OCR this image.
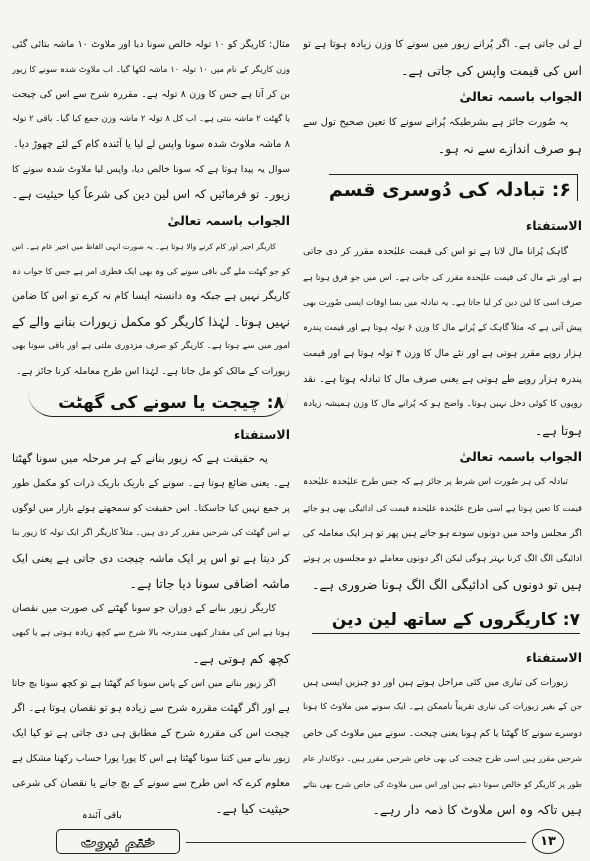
لے لی جاتی ہے۔ اگر پُرانے زیور میں سونے کا وزن زیادہ ہوتا ہے تو
اس کی قیمت واپس کی جاتی ہے۔
الجواب باسمہ تعالیٰ
یہ صُورت جائز ہے بشرطیکہ پُرانے سونے کا تعین صحیح تول سے
ہو صرف اندازے سے نہ ہو۔
۶: تبادلہ کی دُوسری قسم
الاستفتاء
گاہک پُرانا مال لاتا ہے تو اس کی قیمت علیٰحدہ مقرر کر دی جاتی
ہے اور نئے مال کی قیمت علیٰحدہ مقرر کی جاتی ہے۔ اس میں جو فرق ہوتا ہے
صرف اسی کا لین دین کر لیا جاتا ہے۔ یہ تبادلہ میں بسا اوقات ایسی صُورت بھی
پیش آتی ہے کہ مثلاً گاہک کے پُرانے مال کا وزن ۶ تولہ ہوتا ہے اور قیمت پندرہ
ہزار روپے مقرر ہوتی ہے اور نئے مال کا وزن ۴ تولہ ہوتا ہے اور قیمت
پندرہ ہزار روپے طے ہوتی ہے یعنی صرف مال کا تبادلہ ہوتا ہے۔ نقد
روپوں کا کوئی دخل نہیں ہوتا۔ واضح ہو کہ پُرانے مال کا وزن ہمیشہ زیادہ
ہوتا ہے۔
الجواب باسمہ تعالیٰ
تبادلہ کی ہر صُورت اس شرط پر جائز ہے کہ جس طرح علیٰحدہ علیٰحدہ
قیمت کا تعین ہوتا ہے اسی طرح علیٰحدہ علیٰحدہ قیمت کی ادائیگی بھی ہو جائے
اگر مجلس واحد میں دونوں سودے ہو جاتے ہیں پھر تو ہر ایک معاملہ کی
ادائیگی الگ الگ کرنا بہتر ہوگی لیکن اگر دونوں معاملے دو مجلسوں پر ہوتے
ہیں تو دونوں کی ادائیگی الگ الگ ہونا ضروری ہے۔
۷: کاریگروں کے ساتھ لین دین
الاستفتاء
زیورات کی تیاری میں کئی مراحل ہوتے ہیں اور دو چیزیں ایسی ہیں
جن کے بغیر زیورات کی تیاری تقریباً ناممکن ہے۔ ایک سونے میں ملاوٹ کا ہونا
دوسرے سونے کا گھٹنا یا کم ہونا یعنی چیجت۔ سونے میں ملاوٹ کی خاص
شرحیں مقرر ہیں اسی طرح چیجت کی بھی خاص شرحیں مقرر ہیں۔ دوکاندار عام
طور پر کاریگر کو خالص سونا دیتے ہیں اور اس میں ملاوٹ کی خاص شرح بھی بتاتے
ہیں تاکہ وہ اس ملاوٹ کا ذمہ دار رہے۔
مثال: کاریگر کو ۱۰ تولہ خالص سونا دیا اور ملاوٹ ۱۰ ماشہ بتائی گئی
وزن کاریگر کے نام میں ۱۰ تولہ ۱۰ ماشہ لکھا گیا۔ اب ملاوٹ شدہ سونے کا زیور
بن کر آتا ہے جس کا وزن ۸ تولہ ہے۔ مقررہ شرح سے اس کی چیجت
یا گھٹت ۲ ماشہ بنتی ہے۔ اب کل ۸ تولہ ۲ ماشہ وزن جمع کیا گیا۔ باقی ۲ تولہ
۸ ماشہ ملاوٹ شدہ سونا واپس لے لیا یا آئندہ کام کے لئے چھوڑ دیا۔
سوال یہ پیدا ہوتا ہے کہ سونا خالص دیا، واپس لیا ملاوٹ شدہ سونے کا
زیور۔ تو فرمائیں کہ اس لین دین کی شرعاً کیا حیثیت ہے۔
الجواب باسمہ تعالیٰ
کاریگر اجیر اور کام کرنے والا ہوتا ہے۔ یہ صورت انہی الفاظ میں اجیر عام ہے۔ اس
کو جو گھٹت ملے گی باقی سونے کی وہ بھی ایک فطری امر ہے جس کا جواب دہ
کاریگر نہیں ہے جبکہ وہ دانستہ ایسا کام نہ کرے تو اس کا ضامن
نہیں ہوتا۔ لہٰذا کاریگر کو مکمل زیورات بنانے والے کے
امور میں سے ہوتا ہے۔ کاریگر کو صرف مزدوری ملتی ہے اور باقی سونا بھی
زیورات کے مالک کو مل جاتا ہے۔ لہٰذا اس طرح معاملہ کرنا جائز ہے۔
۸: چیجت یا سونے کی گھٹت
الاستفتاء
یہ حقیقت ہے کہ زیور بنانے کے ہر مرحلہ میں سونا گھٹتا
ہے۔ یعنی ضائع ہوتا ہے۔ سونے کے باریک باریک ذرات کو مکمل طور
پر جمع نہیں کیا جاسکتا۔ اس حقیقت کو سمجھتے ہوئے بازار میں لوگوں
نے اس گھٹت کی شرحیں مقرر کر دی ہیں۔ مثلاً کاریگر اگر ایک تولہ کا زیور بنا
کر دیتا ہے تو اس پر ایک ماشہ چیجت دی جاتی ہے یعنی ایک
ماشہ اضافی سونا دیا جاتا ہے۔
کاریگر زیور بنانے کے دوران جو سونا گھٹنے کی صورت میں نقصان
ہوتا ہے اس کی مقدار کبھی مندرجہ بالا شرح سے کچھ زیادہ ہوتی ہے یا کبھی
کچھ کم ہوتی ہے۔
اگر زیور بنانے میں اس کے پاس سونا کم گھٹتا ہے تو کچھ سونا بچ جاتا
ہے اور اگر گھٹت مقررہ شرح سے زیادہ ہو تو نقصان ہوتا ہے۔ اگر
چیجت اس کی مقررہ شرح کے مطابق ہی دی جاتی ہے تو کیا ایک
زیور بنانے میں کتنا سونا گھٹتا ہے اس کا پورا پورا حساب رکھنا مشکل ہے
معلوم کرے کہ اس طرح سے سونے کے بچ جانے یا نقصان کی شرعی
حیثیت کیا ہے۔
باقی آئندہ
ختم نبوت	۱۳
